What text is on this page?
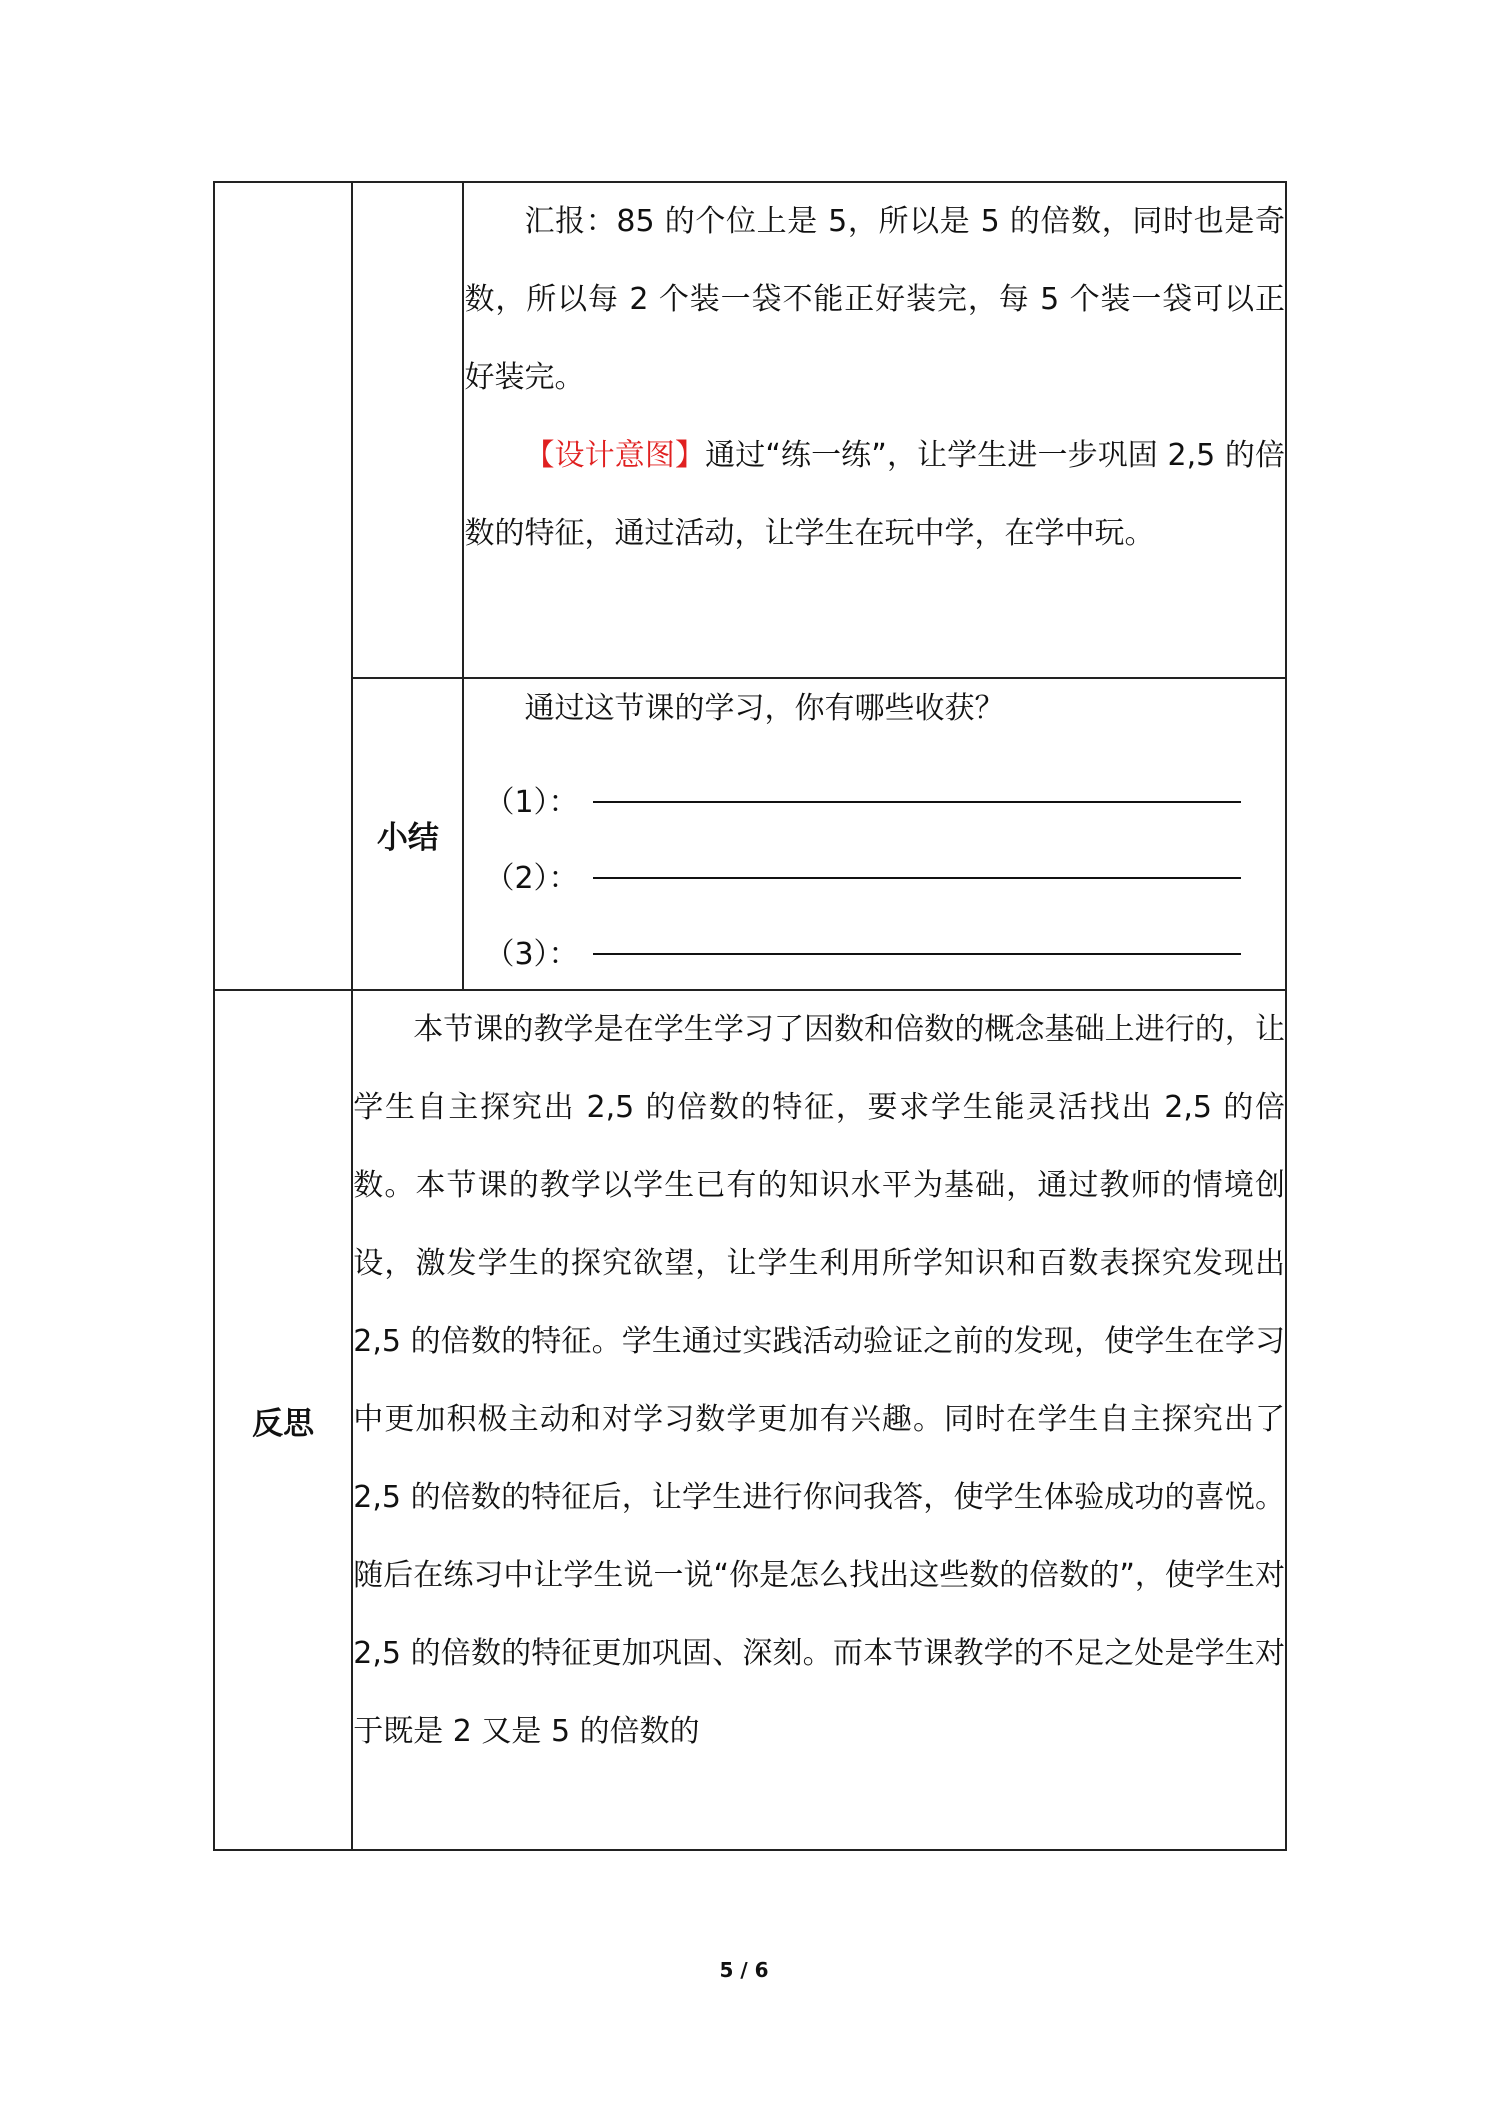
		汇报：85 的个位上是 5，所以是 5 的倍数，同时也是奇数，所以每 2 个装一袋不能正好装完，每 5 个装一袋可以正好装完。

【设计意图】通过“练一练”，让学生进一步巩固 2,5 的倍数的特征，通过活动，让学生在玩中学，在学中玩。

	小结	通过这节课的学习，你有哪些收获？

（1）：
（2）：
（3）：

反思	本节课的教学是在学生学习了因数和倍数的概念基础上进行的，让学生自主探究出 2,5 的倍数的特征，要求学生能灵活找出 2,5 的倍数。本节课的教学以学生已有的知识水平为基础，通过教师的情境创设，激发学生的探究欲望，让学生利用所学知识和百数表探究发现出 2,5 的倍数的特征。学生通过实践活动验证之前的发现，使学生在学习中更加积极主动和对学习数学更加有兴趣。同时在学生自主探究出了 2,5 的倍数的特征后，让学生进行你问我答，使学生体验成功的喜悦。随后在练习中让学生说一说“你是怎么找出这些数的倍数的”，使学生对 2,5 的倍数的特征更加巩固、深刻。而本节课教学的不足之处是学生对于既是 2 又是 5 的倍数的	

5 / 6
